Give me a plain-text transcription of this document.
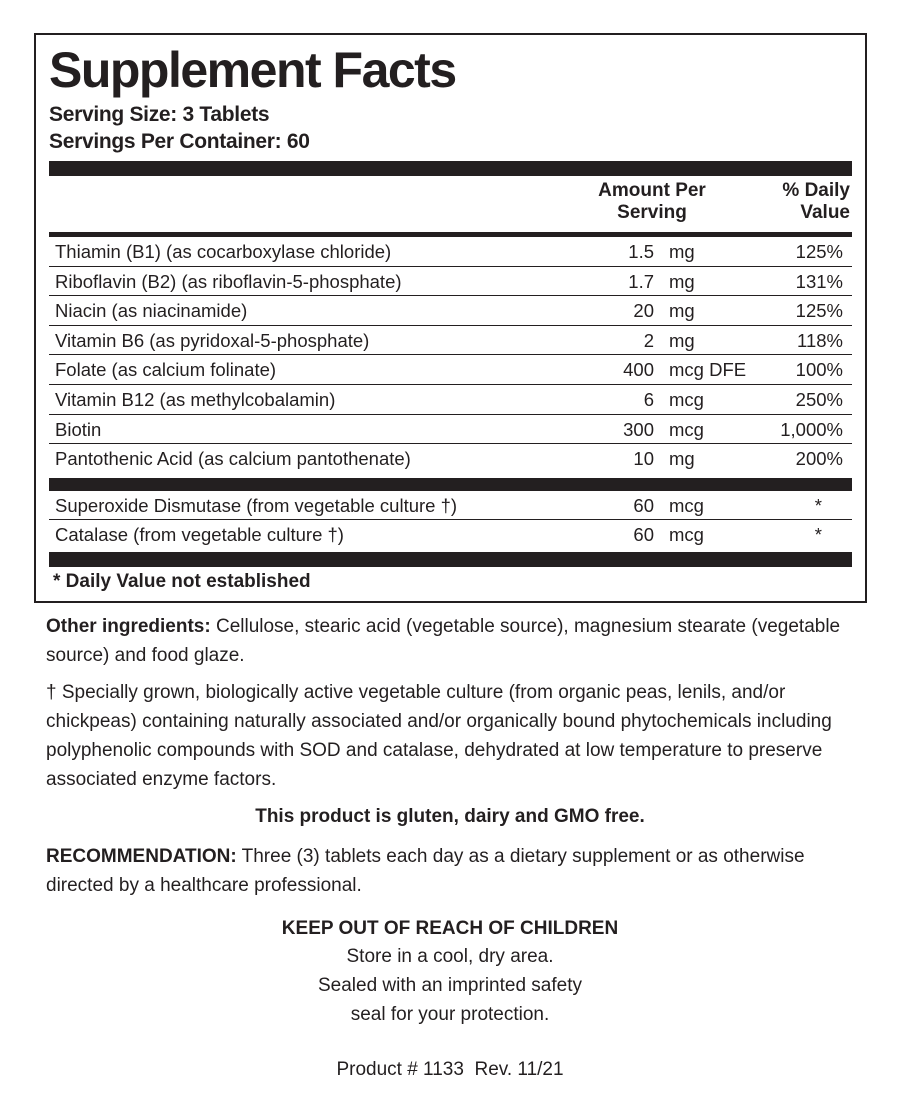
Supplement Facts
Serving Size: 3 Tablets
Servings Per Container: 60
Amount Per
Serving
% Daily
Value
Thiamin (B1) (as cocarboxylase chloride)	1.5 mg	125%
Riboflavin (B2) (as riboflavin-5-phosphate)	1.7 mg	131%
Niacin (as niacinamide)	20 mg	125%
Vitamin B6 (as pyridoxal-5-phosphate)	2 mg	118%
Folate (as calcium folinate)	400 mcg DFE	100%
Vitamin B12 (as methylcobalamin)	6 mcg	250%
Biotin	300 mcg	1,000%
Pantothenic Acid (as calcium pantothenate)	10 mg	200%
Superoxide Dismutase (from vegetable culture †)	60 mcg	*
Catalase (from vegetable culture †)	60 mcg	*
* Daily Value not established
Other ingredients: Cellulose, stearic acid (vegetable source), magnesium stearate (vegetable source) and food glaze.
† Specially grown, biologically active vegetable culture (from organic peas, lenils, and/or chickpeas) containing naturally associated and/or organically bound phytochemicals including polyphenolic compounds with SOD and catalase, dehydrated at low temperature to preserve associated enzyme factors.
This product is gluten, dairy and GMO free.
RECOMMENDATION: Three (3) tablets each day as a dietary supplement or as otherwise directed by a healthcare professional.
KEEP OUT OF REACH OF CHILDREN
Store in a cool, dry area.
Sealed with an imprinted safety
seal for your protection.
Product # 1133  Rev. 11/21
